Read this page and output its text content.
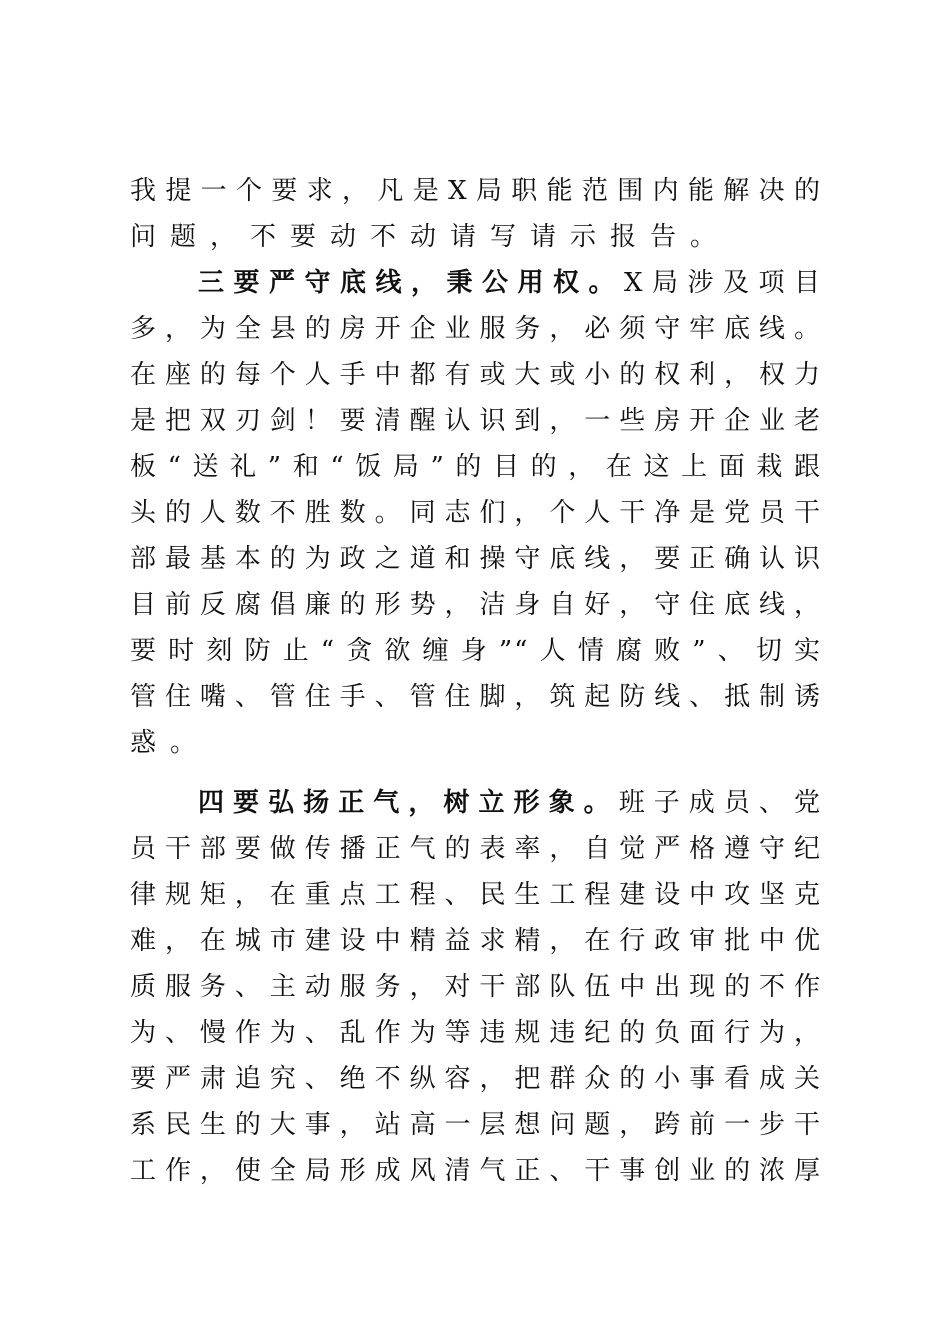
我提一个要求，凡是X局职能范围内能解决的
问题，不要动不动请写请示报告。
三要严守底线，秉公用权。X局涉及项目
多，为全县的房开企业服务，必须守牢底线。
在座的每个人手中都有或大或小的权利，权力
是把双刃剑！要清醒认识到，一些房开企业老
板“送礼”和“饭局”的目的，在这上面栽跟
头的人数不胜数。同志们，个人干净是党员干
部最基本的为政之道和操守底线，要正确认识
目前反腐倡廉的形势，洁身自好，守住底线，
要时刻防止“贪欲缠身”“人情腐败”、切实
管住嘴、管住手、管住脚，筑起防线、抵制诱
惑。
四要弘扬正气，树立形象。班子成员、党
员干部要做传播正气的表率，自觉严格遵守纪
律规矩，在重点工程、民生工程建设中攻坚克
难，在城市建设中精益求精，在行政审批中优
质服务、主动服务，对干部队伍中出现的不作
为、慢作为、乱作为等违规违纪的负面行为，
要严肃追究、绝不纵容，把群众的小事看成关
系民生的大事，站高一层想问题，跨前一步干
工作，使全局形成风清气正、干事创业的浓厚
